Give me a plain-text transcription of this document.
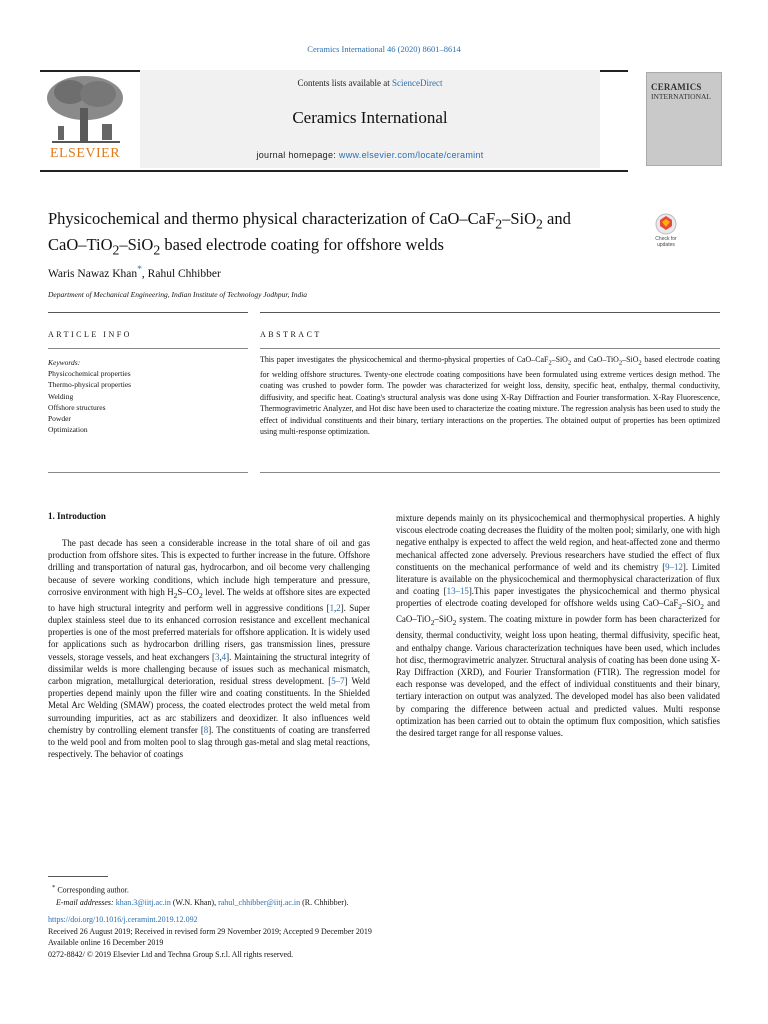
Ceramics International 46 (2020) 8601–8614
ELSEVIER
Contents lists available at ScienceDirect
Ceramics International
journal homepage: www.elsevier.com/locate/ceramint
CERAMICS
INTERNATIONAL
Physicochemical and thermo physical characterization of CaO–CaF$_2$–SiO$_2$ and CaO–TiO$_2$–SiO$_2$ based electrode coating for offshore welds	Check for updates
Waris Nawaz Khan*, Rahul Chhibber
Department of Mechanical Engineering, Indian Institute of Technology Jodhpur, India
ARTICLE INFO	ABSTRACT
Keywords:
Physicochemical properties
Thermo-physical properties
Welding
Offshore structures
Powder
Optimization
This paper investigates the physicochemical and thermo-physical properties of CaO–CaF$_2$–SiO$_2$ and CaO–TiO$_2$–SiO$_2$ based electrode coating for welding offshore structures. Twenty-one electrode coating compositions have been formulated using extreme vertices design method. The coating was crushed to powder form. The powder was characterized for weight loss, density, specific heat, enthalpy, thermal conductivity, diffusivity, and specific heat. Coating's structural analysis was done using X-Ray Diffraction and Fourier transformation. X-Ray Fluorescence, Thermogravimetric Analyzer, and Hot disc have been used to characterize the coating mixture. The regression analysis has been used to study the effect of individual constituents and their binary, tertiary interactions on the properties. The obtained output of properties has been optimized using multi-response optimization.
1. Introduction
The past decade has seen a considerable increase in the total share of oil and gas production from offshore sites. This is expected to further increase in the future. Offshore drilling and transportation of natural gas, hydrocarbon, and oil become very challenging because of severe working conditions, which include high temperature and pressure, corrosive environment with high $H_2S-CO_2$ level. The welds at offshore sites are expected to have high structural integrity and perform well in aggressive conditions [1,2]. Super duplex stainless steel due to its enhanced corrosion resistance and excellent mechanical properties is one of the most preferred materials for offshore application. It is widely used for applications such as hydrocarbon drilling risers, gas transmission lines, pressure vessels, storage vessels, and heat exchangers [3,4]. Maintaining the structural integrity of dissimilar welds is more challenging because of issues such as mechanical mismatch, carbon migration, metallurgical deterioration, residual stress development. [5–7] Weld properties depend mainly upon the filler wire and coating constituents. In the Shielded Metal Arc Welding (SMAW) process, the coated electrodes protect the weld metal from surrounding impurities, act as arc stabilizers and deoxidizer. It also influences weld chemistry by controlling element transfer [8]. The constituents of coating are transferred to the weld pool and from molten pool to slag through gas-metal and slag metal reactions, respectively. The behavior of coatings
mixture depends mainly on its physicochemical and thermophysical properties. A highly viscous electrode coating decreases the fluidity of the molten pool; similarly, one with high negative enthalpy is expected to affect the weld region, and heat-affected zone and thermo mechanical affected zone adversely. Previous researchers have studied the effect of flux constituents on the mechanical performance of weld and its chemistry [9–12]. Limited literature is available on the physicochemical and thermophysical characterization of flux and coating [13–15].This paper investigates the physicochemical and thermo physical properties of electrode coating developed for offshore welds using CaO–CaF$_2$–SiO$_2$ and CaO–TiO$_2$–SiO$_2$ system. The coating mixture in powder form has been characterized for density, thermal conductivity, weight loss upon heating, thermal diffusivity, specific heat, and enthalpy change. Various characterization techniques have been used, which includes hot disc, thermogravimetric analyzer. Structural analysis of coating has been done using X-Ray Diffraction (XRD), and Fourier Transformation (FTIR). The regression model for each response was developed, and the effect of individual constituents and their binary, tertiary interaction on output was analyzed. The developed model has also been validated by comparing the difference between actual and predicted values. Multi response optimization has been carried out to obtain the optimum flux composition, which satisfies the desired target range for all response values.
* Corresponding author.
E-mail addresses: khan.3@iitj.ac.in (W.N. Khan), rahul_chhibber@iitj.ac.in (R. Chhibber).
https://doi.org/10.1016/j.ceramint.2019.12.092
Received 26 August 2019; Received in revised form 29 November 2019; Accepted 9 December 2019
Available online 16 December 2019
0272-8842/ © 2019 Elsevier Ltd and Techna Group S.r.l. All rights reserved.
